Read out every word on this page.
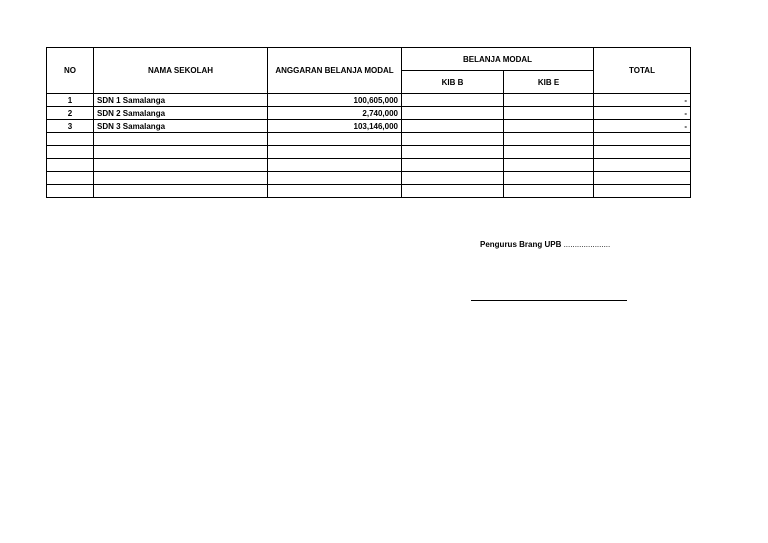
NO	NAMA SEKOLAH	ANGGARAN BELANJA MODAL	BELANJA MODAL		TOTAL
			KIB B	KIB E	
1	SDN 1 Samalanga	100,605,000			-
2	SDN 2 Samalanga	2,740,000			-
3	SDN 3 Samalanga	103,146,000			-

Pengurus Brang UPB .....................
